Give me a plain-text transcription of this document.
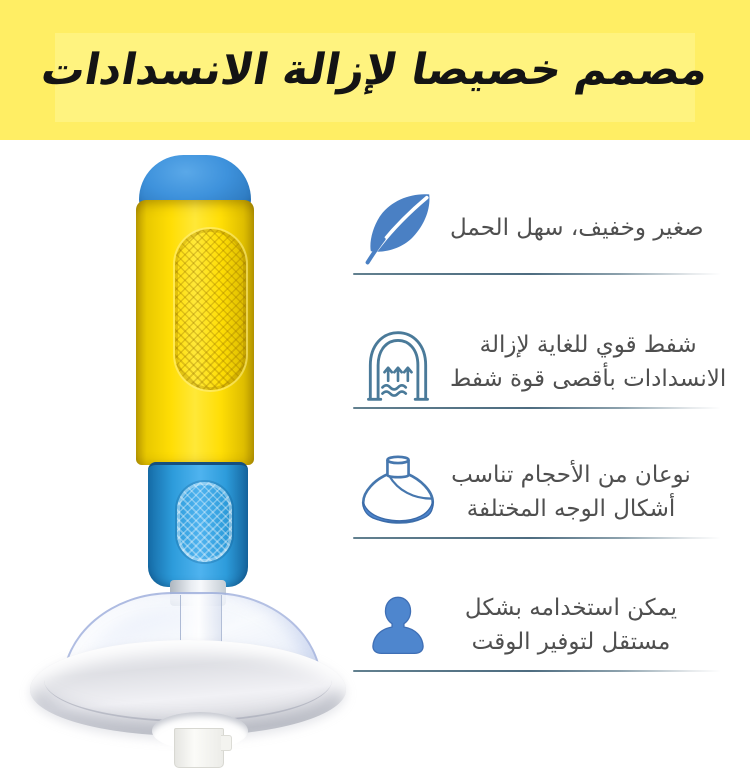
مصمم خصيصا لإزالة الانسدادات
صغير وخفيف، سهل الحمل
شفط قوي للغاية لإزالة
الانسدادات بأقصى قوة شفط
نوعان من الأحجام تناسب
أشكال الوجه المختلفة
يمكن استخدامه بشكل
مستقل لتوفير الوقت
